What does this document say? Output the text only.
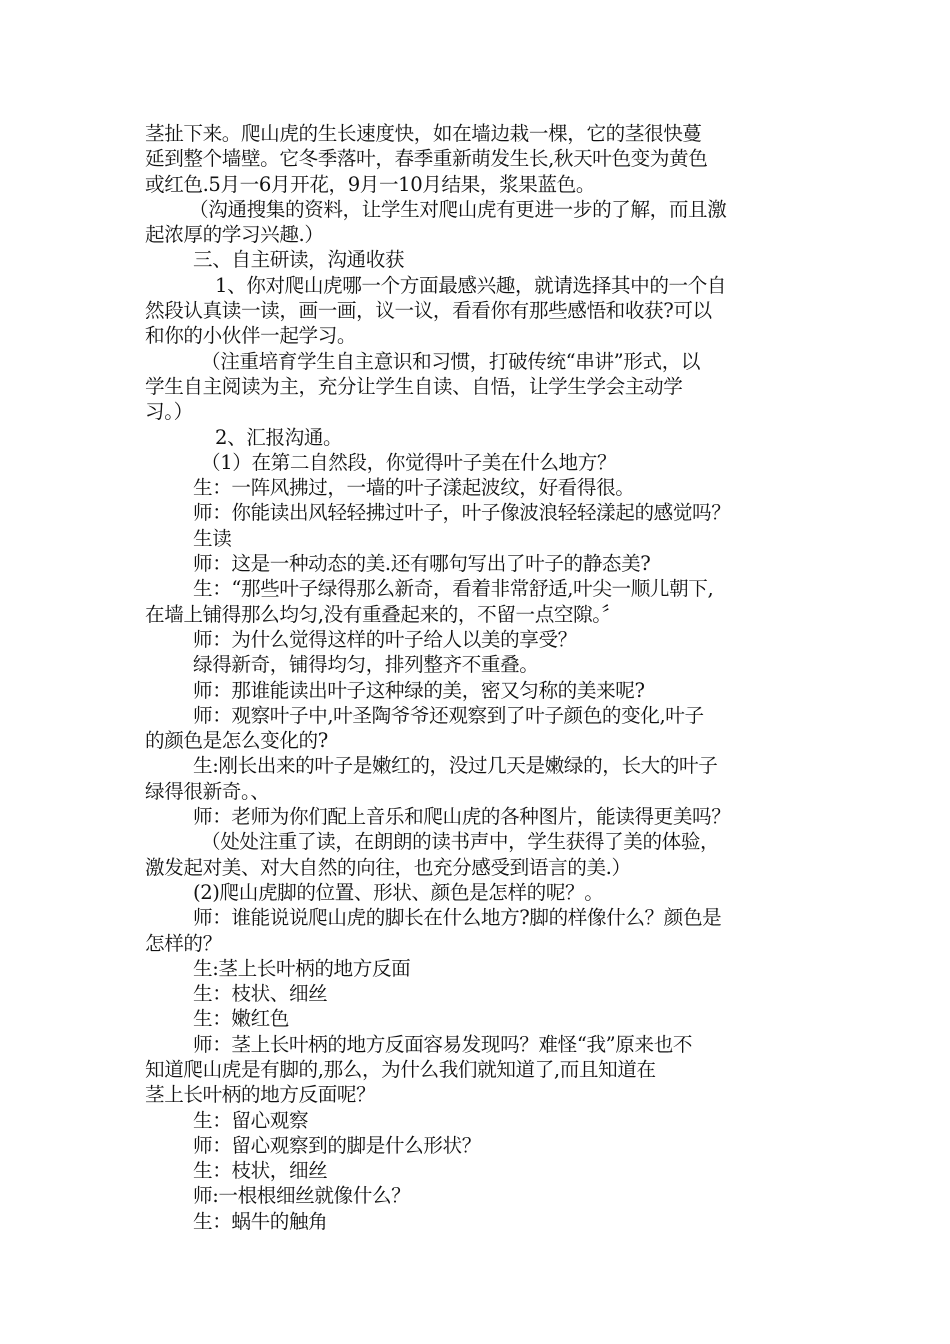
茎扯下来。爬山虎的生长速度快，如在墙边栽一棵，它的茎很快蔓
延到整个墙壁。它冬季落叶，春季重新萌发生长,秋天叶色变为黄色
或红色.5月一6月开花，9月一10月结果，浆果蓝色。
（沟通搜集的资料，让学生对爬山虎有更进一步的了解，而且激
起浓厚的学习兴趣.）
三、自主研读，沟通收获
1、你对爬山虎哪一个方面最感兴趣，就请选择其中的一个自
然段认真读一读，画一画，议一议，看看你有那些感悟和收获?可以
和你的小伙伴一起学习。
（注重培育学生自主意识和习惯，打破传统“串讲”形式，以
学生自主阅读为主，充分让学生自读、自悟，让学生学会主动学
习。）
2、汇报沟通。
（1）在第二自然段，你觉得叶子美在什么地方？
生：一阵风拂过，一墙的叶子漾起波纹，好看得很。
师：你能读出风轻轻拂过叶子，叶子像波浪轻轻漾起的感觉吗？
生读
师：这是一种动态的美.还有哪句写出了叶子的静态美?
生：“那些叶子绿得那么新奇，看着非常舒适,叶尖一顺儿朝下,
在墙上铺得那么均匀,没有重叠起来的，不留一点空隙。〞
师：为什么觉得这样的叶子给人以美的享受？
绿得新奇，铺得均匀，排列整齐不重叠。
师：那谁能读出叶子这种绿的美，密又匀称的美来呢?
师：观察叶子中,叶圣陶爷爷还观察到了叶子颜色的变化,叶子
的颜色是怎么变化的?
生:刚长出来的叶子是嫩红的，没过几天是嫩绿的，长大的叶子
绿得很新奇。、
师：老师为你们配上音乐和爬山虎的各种图片，能读得更美吗？
（处处注重了读，在朗朗的读书声中，学生获得了美的体验，
激发起对美、对大自然的向往，也充分感受到语言的美.）
(2)爬山虎脚的位置、形状、颜色是怎样的呢？。
师：谁能说说爬山虎的脚长在什么地方?脚的样像什么？颜色是
怎样的？
生:茎上长叶柄的地方反面
生：枝状、细丝
生：嫩红色
师：茎上长叶柄的地方反面容易发现吗？难怪“我”原来也不
知道爬山虎是有脚的,那么，为什么我们就知道了,而且知道在
茎上长叶柄的地方反面呢？
生：留心观察
师：留心观察到的脚是什么形状？
生：枝状，细丝
师:一根根细丝就像什么？
生：蜗牛的触角
